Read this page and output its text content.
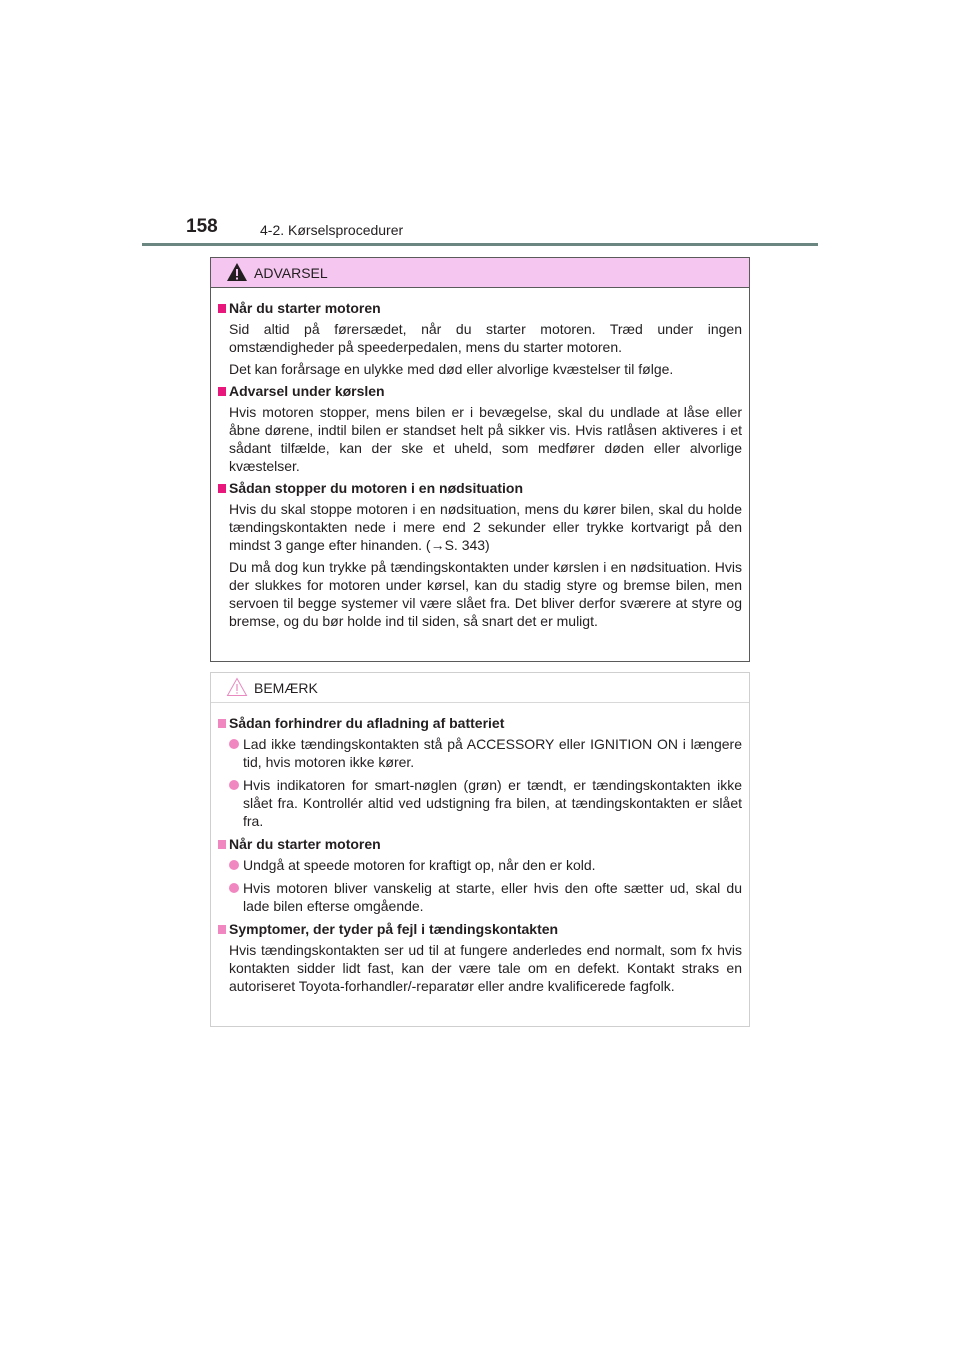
158	4-2. Kørselsprocedurer
ADVARSEL
Når du starter motoren
Sid altid på førersædet, når du starter motoren. Træd under ingen omstændigheder på speederpedalen, mens du starter motoren.
Det kan forårsage en ulykke med død eller alvorlige kvæstelser til følge.
Advarsel under kørslen
Hvis motoren stopper, mens bilen er i bevægelse, skal du undlade at låse eller åbne dørene, indtil bilen er standset helt på sikker vis. Hvis ratlåsen aktiveres i et sådant tilfælde, kan der ske et uheld, som medfører døden eller alvorlige kvæstelser.
Sådan stopper du motoren i en nødsituation
Hvis du skal stoppe motoren i en nødsituation, mens du kører bilen, skal du holde tændingskontakten nede i mere end 2 sekunder eller trykke kortvarigt på den mindst 3 gange efter hinanden. (→S. 343)
Du må dog kun trykke på tændingskontakten under kørslen i en nødsituation. Hvis der slukkes for motoren under kørsel, kan du stadig styre og bremse bilen, men servoen til begge systemer vil være slået fra. Det bliver derfor sværere at styre og bremse, og du bør holde ind til siden, så snart det er muligt.
BEMÆRK
Sådan forhindrer du afladning af batteriet
Lad ikke tændingskontakten stå på ACCESSORY eller IGNITION ON i længere tid, hvis motoren ikke kører.
Hvis indikatoren for smart-nøglen (grøn) er tændt, er tændingskontakten ikke slået fra. Kontrollér altid ved udstigning fra bilen, at tændingskontakten er slået fra.
Når du starter motoren
Undgå at speede motoren for kraftigt op, når den er kold.
Hvis motoren bliver vanskelig at starte, eller hvis den ofte sætter ud, skal du lade bilen efterse omgående.
Symptomer, der tyder på fejl i tændingskontakten
Hvis tændingskontakten ser ud til at fungere anderledes end normalt, som fx hvis kontakten sidder lidt fast, kan der være tale om en defekt. Kontakt straks en autoriseret Toyota-forhandler/-reparatør eller andre kvalificerede fagfolk.
